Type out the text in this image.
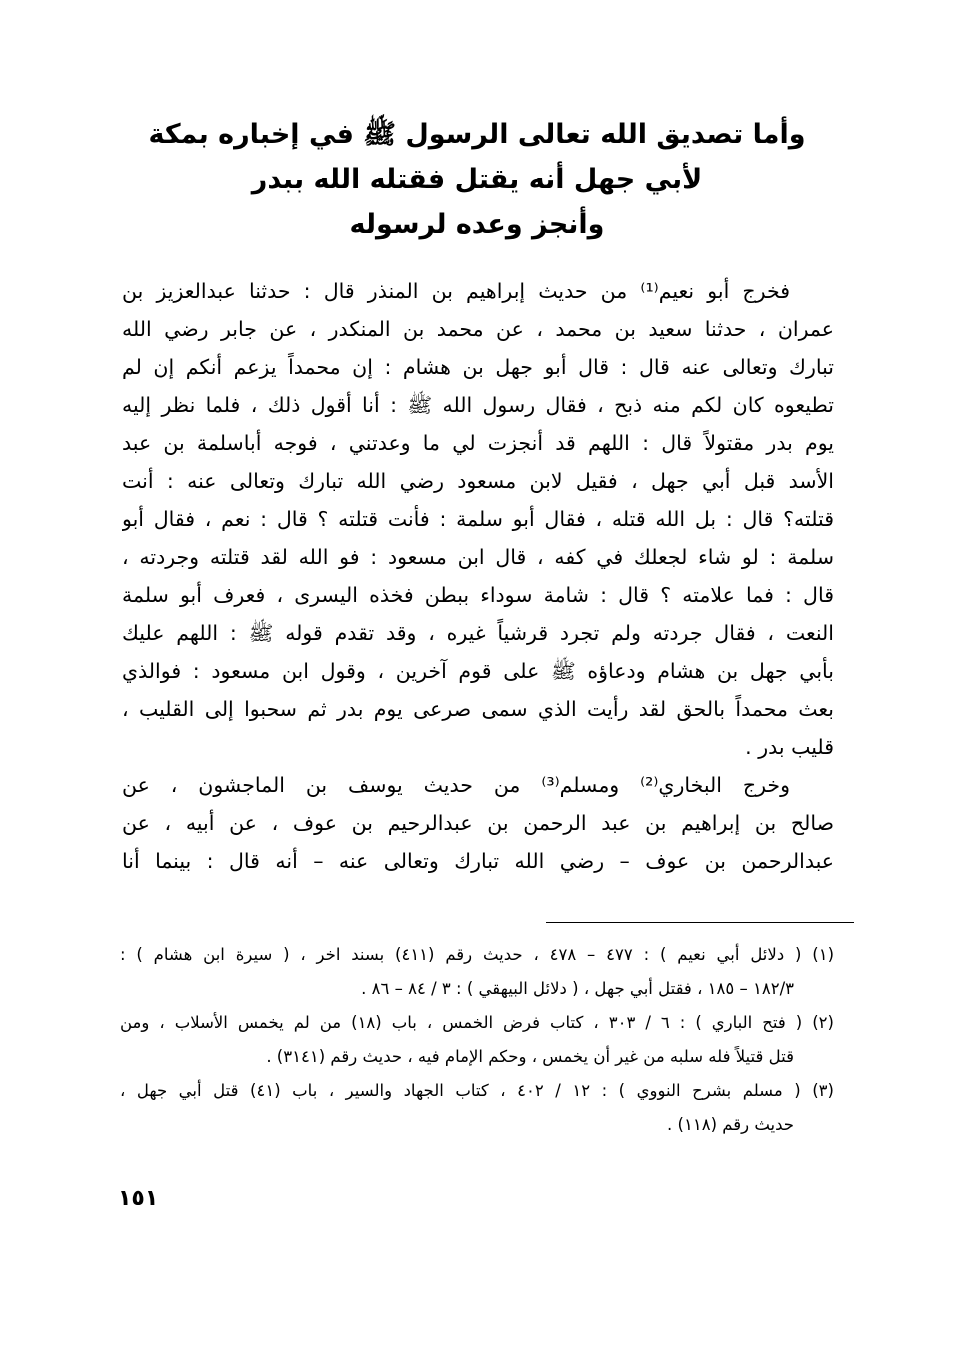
وأما تصديق الله تعالى الرسول ﷺ في إخباره بمكة
لأبي جهل أنه يقتل فقتله الله ببدر
وأنجز وعده لرسوله
فخرج أبو نعيم⁽¹⁾ من حديث إبراهيم بن المنذر قال : حدثنا عبدالعزيز بن
عمران ، حدثنا سعيد بن محمد ، عن محمد بن المنكدر ، عن جابر رضي الله
تبارك وتعالى عنه قال : قال أبو جهل بن هشام : إن محمداً يزعم أنكم إن لم
تطيعوه كان لكم منه ذبح ، فقال رسول الله ﷺ : أنا أقول ذلك ، فلما نظر إليه
يوم بدر مقتولاً قال : اللهم قد أنجزت لي ما وعدتني ، فوجه أباسلمة بن عبد
الأسد قبل أبي جهل ، فقيل لابن مسعود رضي الله تبارك وتعالى عنه : أنت
قتلته؟ قال : بل الله قتله ، فقال أبو سلمة : فأنت قتلته ؟ قال : نعم ، فقال أبو
سلمة : لو شاء لجعلك في كفه ، قال ابن مسعود : فو الله لقد قتلته وجردته ،
قال : فما علامته ؟ قال : شامة سوداء ببطن فخذه اليسرى ، فعرف أبو سلمة
النعت ، فقال جردته ولم تجرد قرشياً غيره ، وقد تقدم قوله ﷺ : اللهم عليك
بأبي جهل بن هشام ودعاؤه ﷺ على قوم آخرين ، وقول ابن مسعود : فوالذي
بعث محمداً بالحق لقد رأيت الذي سمى صرعى يوم بدر ثم سحبوا إلى القليب ،
قليب بدر .
وخرج البخاري⁽²⁾ ومسلم⁽³⁾ من حديث يوسف بن الماجشون ، عن
صالح بن إبراهيم بن عبد الرحمن بن عبدالرحيم بن عوف ، عن أبيه ، عن
عبدالرحمن بن عوف – رضي الله تبارك وتعالى عنه – أنه قال : بينما أنا
(١) ( دلائل أبي نعيم ) : ٤٧٧ – ٤٧٨ ، حديث رقم (٤١١) بسند اخر ، ( سيرة ابن هشام ) :
١٨٢/٣ – ١٨٥ ، فقتل أبي جهل ، ( دلائل البيهقي ) : ٣ / ٨٤ – ٨٦ .
(٢) ( فتح الباري ) : ٦ / ٣٠٣ ، كتاب فرض الخمس ، باب (١٨) من لم يخمس الأسلاب ، ومن
قتل قتيلاً فله سلبه من غير أن يخمس ، وحكم الإمام فيه ، حديث رقم (٣١٤١) .
(٣) ( مسلم بشرح النووي ) : ١٢ / ٤٠٢ ، كتاب الجهاد والسير ، باب (٤١) قتل أبي جهل ،
حديث رقم (١١٨) .
١٥١
